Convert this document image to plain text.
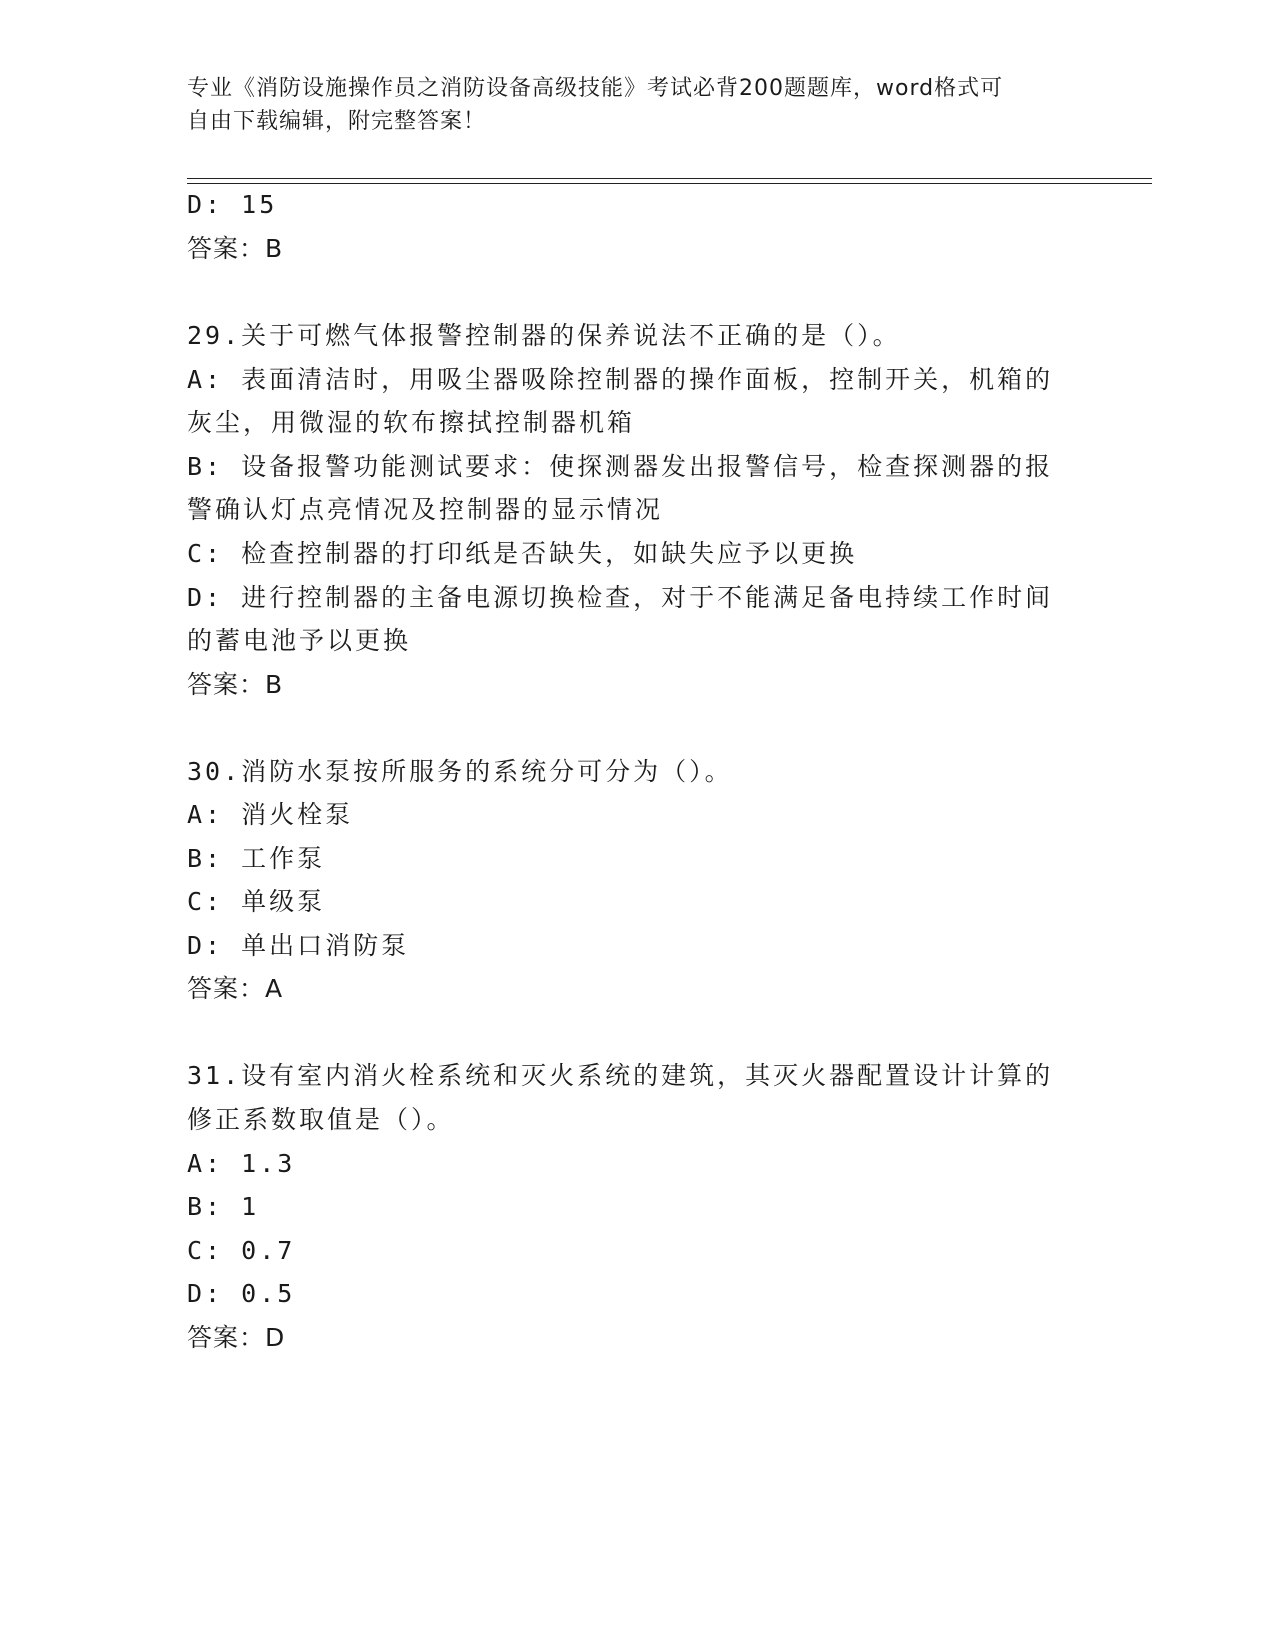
专业《消防设施操作员之消防设备高级技能》考试必背200题题库，word格式可
自由下载编辑，附完整答案！
D: 15
答案：B
29.关于可燃气体报警控制器的保养说法不正确的是（）。
A: 表面清洁时，用吸尘器吸除控制器的操作面板，控制开关，机箱的
灰尘，用微湿的软布擦拭控制器机箱
B: 设备报警功能测试要求：使探测器发出报警信号，检查探测器的报
警确认灯点亮情况及控制器的显示情况
C: 检查控制器的打印纸是否缺失，如缺失应予以更换
D: 进行控制器的主备电源切换检查，对于不能满足备电持续工作时间
的蓄电池予以更换
答案：B
30.消防水泵按所服务的系统分可分为（）。
A: 消火栓泵
B: 工作泵
C: 单级泵
D: 单出口消防泵
答案：A
31.设有室内消火栓系统和灭火系统的建筑，其灭火器配置设计计算的
修正系数取值是（）。
A: 1.3
B: 1
C: 0.7
D: 0.5
答案：D
